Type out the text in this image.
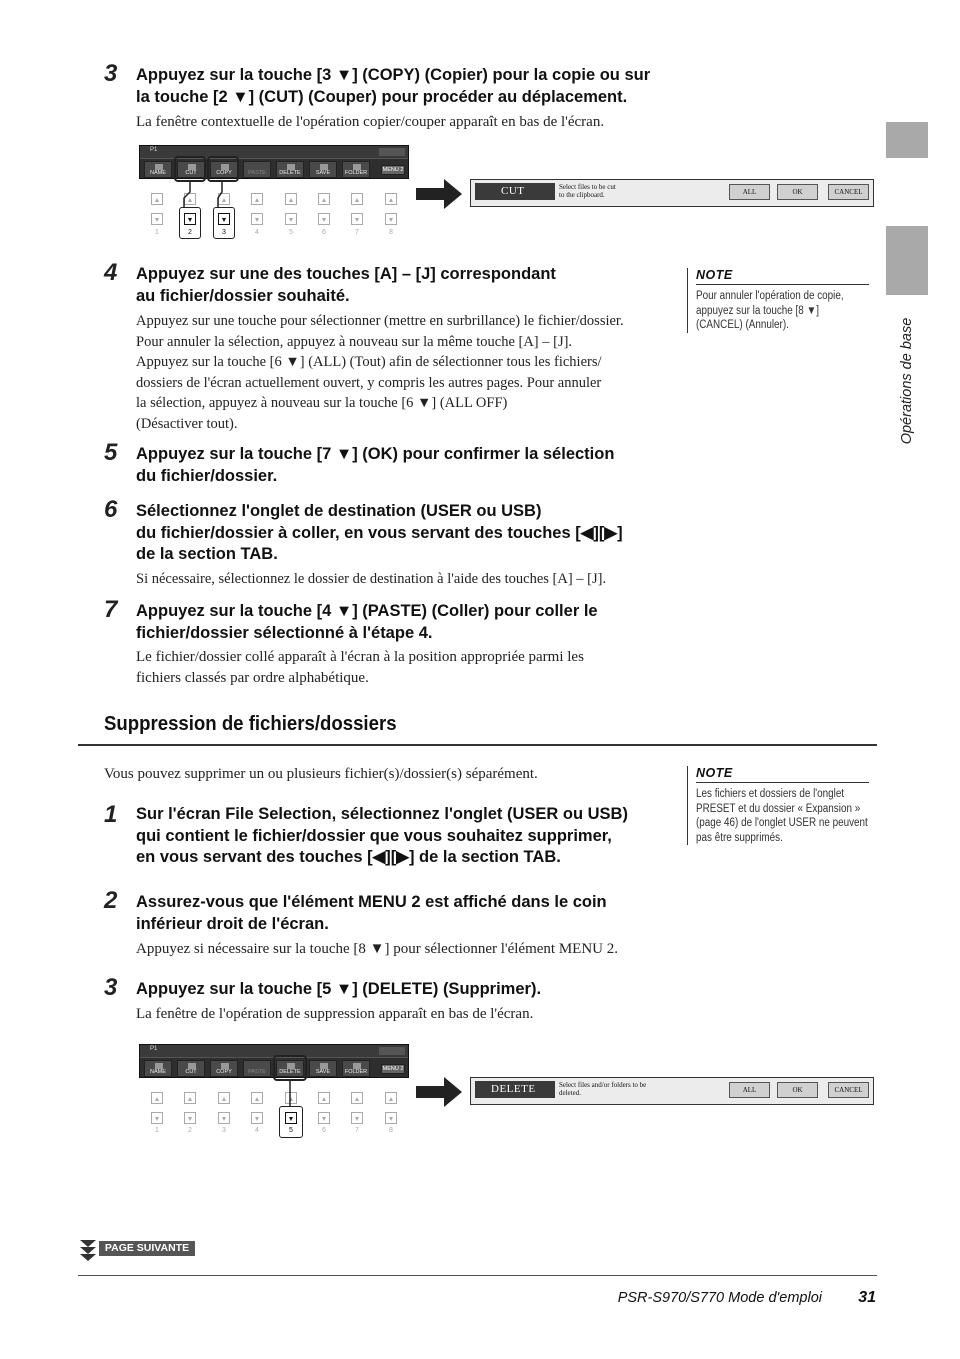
Opérations de base
3 Appuyez sur la touche [3 ▼] (COPY) (Copier) pour la copie ou sur

la touche [2 ▼] (CUT) (Couper) pour procéder au déplacement.

La fenêtre contextuelle de l'opération copier/couper apparaît en bas de l'écran.

P1
NAME	CUT	COPY	PASTE	DELETE	SAVE	FOLDER	MENU 2
1	2	3	4	5	6	7	8
CUT	Select files to be cut

to the clipboard.	ALL	OK	CANCEL
4 Appuyez sur une des touches [A] – [J] correspondant

au fichier/dossier souhaité.

Appuyez sur une touche pour sélectionner (mettre en surbrillance) le fichier/dossier.

Pour annuler la sélection, appuyez à nouveau sur la même touche [A] – [J].

Appuyez sur la touche [6 ▼] (ALL) (Tout) afin de sélectionner tous les fichiers/

dossiers de l'écran actuellement ouvert, y compris les autres pages. Pour annuler

la sélection, appuyez à nouveau sur la touche [6 ▼] (ALL OFF)

(Désactiver tout).

NOTE

Pour annuler l'opération de copie,

appuyez sur la touche [8 ▼]

(CANCEL) (Annuler).

5 Appuyez sur la touche [7 ▼] (OK) pour confirmer la sélection

du fichier/dossier.

6 Sélectionnez l'onglet de destination (USER ou USB)

du fichier/dossier à coller, en vous servant des touches [◀][▶]

de la section TAB.

Si nécessaire, sélectionnez le dossier de destination à l'aide des touches [A] – [J].

7 Appuyez sur la touche [4 ▼] (PASTE) (Coller) pour coller le

fichier/dossier sélectionné à l'étape 4.

Le fichier/dossier collé apparaît à l'écran à la position appropriée parmi les

fichiers classés par ordre alphabétique.

Suppression de fichiers/dossiers
Vous pouvez supprimer un ou plusieurs fichier(s)/dossier(s) séparément.	NOTE

Les fichiers et dossiers de l'onglet

PRESET et du dossier « Expansion »

(page 46) de l'onglet USER ne peuvent

pas être supprimés.

1 Sur l'écran File Selection, sélectionnez l'onglet (USER ou USB)

qui contient le fichier/dossier que vous souhaitez supprimer,

en vous servant des touches [◀][▶] de la section TAB.

2 Assurez-vous que l'élément MENU 2 est affiché dans le coin

inférieur droit de l'écran.

Appuyez si nécessaire sur la touche [8 ▼] pour sélectionner l'élément MENU 2.

3 Appuyez sur la touche [5 ▼] (DELETE) (Supprimer).

La fenêtre de l'opération de suppression apparaît en bas de l'écran.

P1
NAME	CUT	COPY	PASTE	DELETE	SAVE	FOLDER	MENU 2
1	2	3	4	5	6	7	8
DELETE	Select files and/or folders to be

deleted.	ALL	OK	CANCEL
PAGE SUIVANTE
PSR-S970/S770 Mode d'emploi 31
